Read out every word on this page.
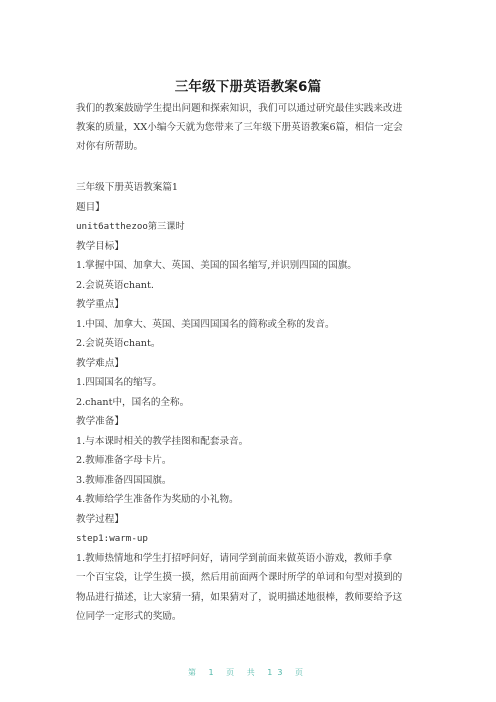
三年级下册英语教案6篇
我们的教案鼓励学生提出问题和探索知识，我们可以通过研究最佳实践来改进
教案的质量，XX小编今天就为您带来了三年级下册英语教案6篇，相信一定会
对你有所帮助。
三年级下册英语教案篇1
题目】
unit6atthezoo第三课时
教学目标】
1.掌握中国、加拿大、英国、美国的国名缩写,并识别四国的国旗。
2.会说英语chant.
教学重点】
1.中国、加拿大、英国、美国四国国名的简称或全称的发音。
2.会说英语chant。
教学难点】
1.四国国名的缩写。
2.chant中，国名的全称。
教学准备】
1.与本课时相关的教学挂图和配套录音。
2.教师准备字母卡片。
3.教师准备四国国旗。
4.教师给学生准备作为奖励的小礼物。
教学过程】
step1:warm-up
1.教师热情地和学生打招呼问好，请同学到前面来做英语小游戏，教师手拿
一个百宝袋，让学生摸一摸，然后用前面两个课时所学的单词和句型对摸到的
物品进行描述，让大家猜一猜，如果猜对了，说明描述地很棒，教师要给予这
位同学一定形式的奖励。
第 1 页 共 13 页
